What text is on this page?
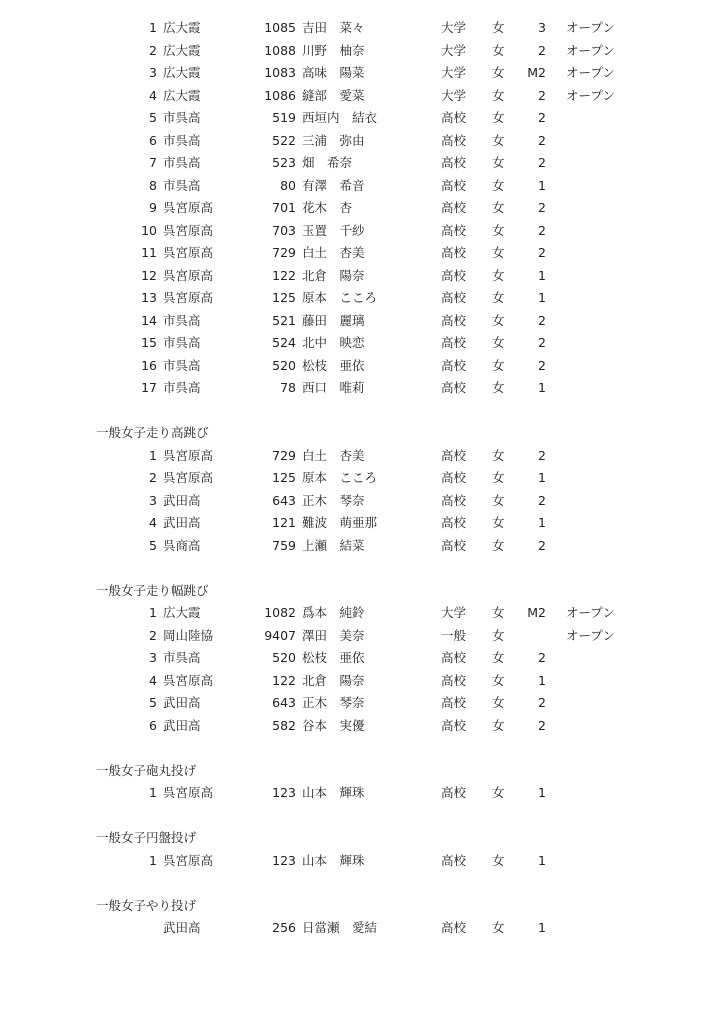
1 広大霞	1085 吉田　菜々	大学 女	3 オープン
2 広大霞	1088 川野　柚奈	大学 女	2 オープン
3 広大霞	1083 高味　陽菜	大学 女	M2 オープン
4 広大霞	1086 縫部　愛菜	大学 女	2 オープン
5 市呉高	519 西垣内　結衣	高校 女	2
6 市呉高	522 三浦　弥由	高校 女	2
7 市呉高	523 畑　希奈	高校 女	2
8 市呉高	80 有澤　希音	高校 女	1
9 呉宮原高	701 花木　杏	高校 女	2
10 呉宮原高	703 玉置　千紗	高校 女	2
11 呉宮原高	729 白土　杏美	高校 女	2
12 呉宮原高	122 北倉　陽奈	高校 女	1
13 呉宮原高	125 原本　こころ	高校 女	1
14 市呉高	521 藤田　麗璃	高校 女	2
15 市呉高	524 北中　映恋	高校 女	2
16 市呉高	520 松枝　亜依	高校 女	2
17 市呉高	78 西口　唯莉	高校 女	1
一般女子走り高跳び
1 呉宮原高	729 白土　杏美	高校 女	2
2 呉宮原高	125 原本　こころ	高校 女	1
3 武田高	643 正木　琴奈	高校 女	2
4 武田高	121 難波　萌亜那	高校 女	1
5 呉商高	759 上瀬　結菜	高校 女	2
一般女子走り幅跳び
1 広大霞	1082 爲本　純鈴	大学 女	M2 オープン
2 岡山陸協	9407 澤田　美奈	一般 女	オープン
3 市呉高	520 松枝　亜依	高校 女	2
4 呉宮原高	122 北倉　陽奈	高校 女	1
5 武田高	643 正木　琴奈	高校 女	2
6 武田高	582 谷本　実優	高校 女	2
一般女子砲丸投げ
1 呉宮原高	123 山本　輝珠	高校 女	1
一般女子円盤投げ
1 呉宮原高	123 山本　輝珠	高校 女	1
一般女子やり投げ
武田高	256 日當瀬　愛結	高校 女	1
